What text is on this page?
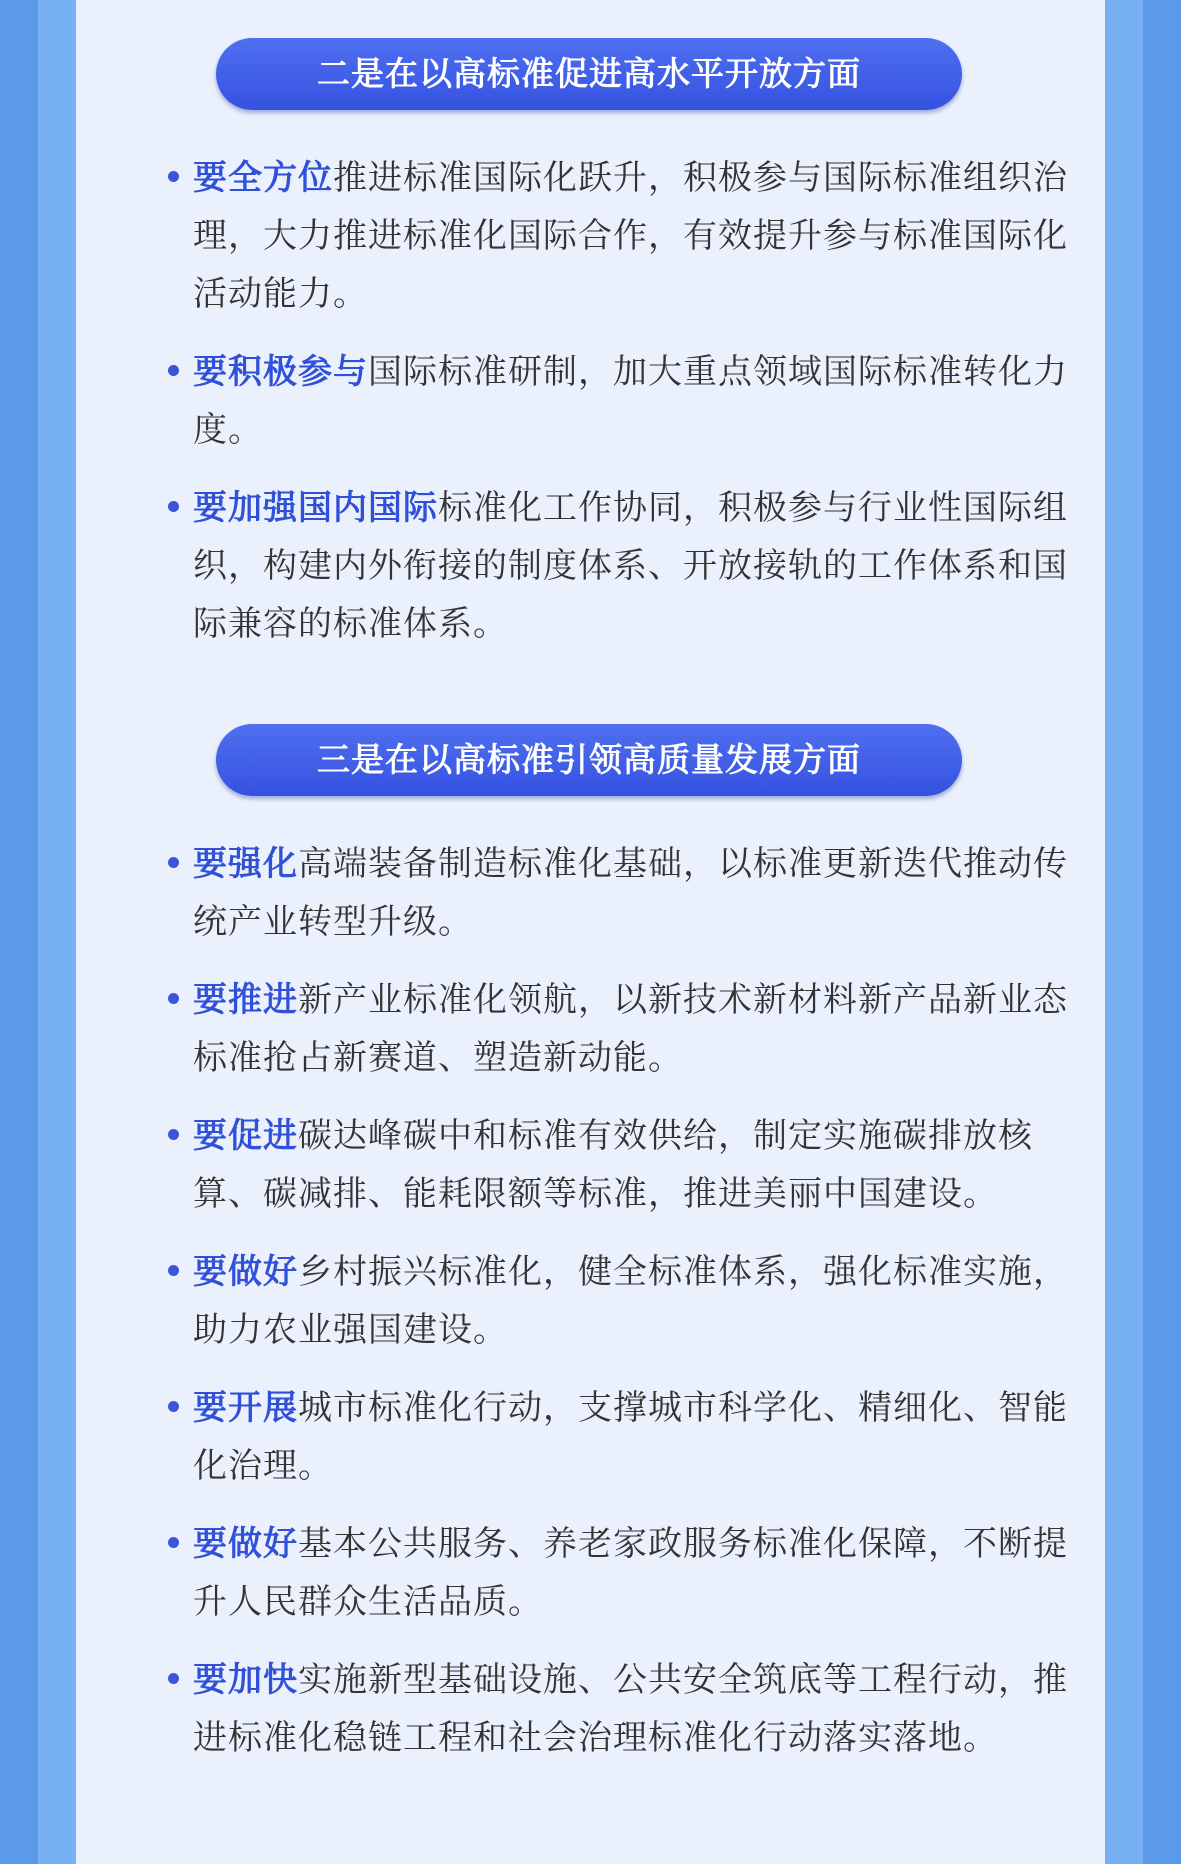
二是在以高标准促进高水平开放方面

要全方位推进标准国际化跃升，积极参与国际标准组织治理，大力推进标准化国际合作，有效提升参与标准国际化活动能力。

要积极参与国际标准研制，加大重点领域国际标准转化力度。

要加强国内国际标准化工作协同，积极参与行业性国际组织，构建内外衔接的制度体系、开放接轨的工作体系和国际兼容的标准体系。

三是在以高标准引领高质量发展方面

要强化高端装备制造标准化基础，以标准更新迭代推动传统产业转型升级。

要推进新产业标准化领航，以新技术新材料新产品新业态标准抢占新赛道、塑造新动能。

要促进碳达峰碳中和标准有效供给，制定实施碳排放核算、碳减排、能耗限额等标准，推进美丽中国建设。

要做好乡村振兴标准化，健全标准体系，强化标准实施，助力农业强国建设。

要开展城市标准化行动，支撑城市科学化、精细化、智能化治理。

要做好基本公共服务、养老家政服务标准化保障，不断提升人民群众生活品质。

要加快实施新型基础设施、公共安全筑底等工程行动，推进标准化稳链工程和社会治理标准化行动落实落地。
